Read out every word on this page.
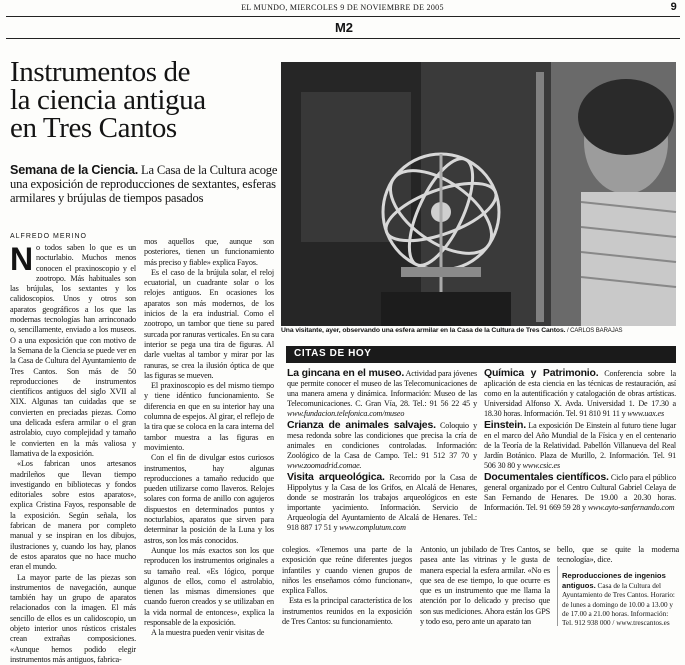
EL MUNDO, MIERCOLES 9 DE NOVIEMBRE DE 2005	9
M2
Instrumentos de
la ciencia antigua
en Tres Cantos
Semana de la Ciencia. La Casa de la Cultura acoge una exposición de reproducciones de sextantes, esferas armilares y brújulas de tiempos pasados
ALFREDO MERINO

No todos saben lo que es un nocturlabio. Muchos menos conocen el praxinoscopio y el zootropo. Más habituales son las brújulas, los sextantes y los calidoscopios. Unos y otros son aparatos geográficos a los que las modernas tecnologías han arrinconado o, sencillamente, enviado a los museos. O a una exposición que con motivo de la Semana de la Ciencia se puede ver en la Casa de Cultura del Ayuntamiento de Tres Cantos. Son más de 50 reproducciones de instrumentos científicos antiguos del siglo XVII al XIX. Algunas tan cuidadas que se convierten en preciadas piezas. Como una delicada esfera armilar o el gran astrolabio, cuyo complejidad y tamaño le convierten en la más valiosa y llamativa de la exposición.

«Los fabrican unos artesanos madrileños que llevan tiempo investigando en bibliotecas y fondos editoriales sobre estos aparatos», explica Cristina Fayos, responsable de la exposición. Según señala, los fabrican de manera por completo manual y se inspiran en los dibujos, ilustraciones y, cuando los hay, planos de estos aparatos que no hace mucho eran el mundo.

La mayor parte de las piezas son instrumentos de navegación, aunque también hay un grupo de aparatos relacionados con la imagen. El más sencillo de ellos es un calidoscopio, un objeto interior unos rústicos cristales crean extrañas composiciones. «Aunque hemos podido elegir instrumentos más antiguos, fabrica-

mos aquellos que, aunque son posteriores, tienen un funcionamiento más preciso y fiable» explica Fayos.

Es el caso de la brújula solar, el reloj ecuatorial, un cuadrante solar o los relojes antiguos. En ocasiones los aparatos son más modernos, de los inicios de la era industrial. Como el zootropo, un tambor que tiene su pared surcada por ranuras verticales. En su cara interior se pega una tira de figuras. Al darle vueltas al tambor y mirar por las ranuras, se crea la ilusión óptica de que las figuras se mueven.

El praxinoscopio es del mismo tiempo y tiene idéntico funcionamiento. Se diferencia en que en su interior hay una columna de espejos. Al girar, el reflejo de la tira que se coloca en la cara interna del tambor muestra a las figuras en movimiento.

Con el fin de divulgar estos curiosos instrumentos, hay algunas reproducciones a tamaño reducido que pueden utilizarse como llaveros. Relojes solares con forma de anillo con agujeros dispuestos en determinados puntos y nocturlabios, aparatos que sirven para determinar la posición de la Luna y los astros, son los más conocidos.

Aunque los más exactos son los que reproducen los instrumentos originales a su tamaño real. «Es lógico, porque algunos de ellos, como el astrolabio, tienen las mismas dimensiones que cuando fueron creados y se utilizaban en la vida normal de entonces», explica la responsable de la exposición.

A la muestra pueden venir visitas de

Una visitante, ayer, observando una esfera armilar en la Casa de la Cultura de Tres Cantos. / CARLOS BARAJAS
CITAS DE HOY
La gincana en el museo. Actividad para jóvenes que permite conocer el museo de las Telecomunicaciones de una manera amena y dinámica. Información: Museo de las Telecomunicaciones. C. Gran Vía, 28. Tel.: 91 56 22 45 y www.fundacion.telefonica.com/museo
Crianza de animales salvajes. Coloquio y mesa redonda sobre las condiciones que precisa la cría de animales en condiciones controladas. Información: Zoológico de la Casa de Campo. Tel.: 91 512 37 70 y www.zoomadrid.comae.
Visita arqueológica. Recorrido por la Casa de Hippolytus y la Casa de los Grifos, en Alcalá de Henares, donde se mostrarán los trabajos arqueológicos en este importante yacimiento. Información. Servicio de Arqueología del Ayuntamiento de Alcalá de Henares. Tel.: 918 887 17 51 y www.complutum.com
Química y Patrimonio. Conferencia sobre la aplicación de esta ciencia en las técnicas de restauración, así como en la autentificación y catalogación de obras artísticas. Universidad Alfonso X. Avda. Universidad 1. De 17.30 a 18.30 horas. Información. Tel. 91 810 91 11 y www.uax.es
Einstein. La exposición De Einstein al futuro tiene lugar en el marco del Año Mundial de la Física y en el centenario de la Teoría de la Relatividad. Pabellón Villanueva del Real Jardín Botánico. Plaza de Murillo, 2. Información. Tel. 91 506 30 80 y www.csic.es
Documentales científicos. Ciclo para el público general organizado por el Centro Cultural Gabriel Celaya de San Fernando de Henares. De 19.00 a 20.30 horas. Información. Tel. 91 669 59 28 y www.ayto-sanfernando.com

colegios. «Tenemos una parte de la exposición que reúne diferentes juegos infantiles y cuando vienen grupos de niños les enseñamos cómo funcionan», explica Fallos.

Esta es la principal característica de los instrumentos reunidos en la exposición de Tres Cantos: su funcionamiento.

Antonio, un jubilado de Tres Cantos, se pasea ante las vitrinas y le gusta de manera especial la esfera armilar. «No es que sea de ese tiempo, lo que ocurre es que es un instrumento que me llama la atención por lo delicado y preciso que son sus mediciones. Ahora están los GPS y todo eso, pero ante un aparato tan

bello, que se quite la moderna tecnología», dice.

Reproducciones de ingenios antiguos. Casa de la Cultura del Ayuntamiento de Tres Cantos. Horario: de lunes a domingo de 10.00 a 13.00 y de 17.00 a 21.00 horas. Información: Tel. 912 938 000 / www.trescantos.es
